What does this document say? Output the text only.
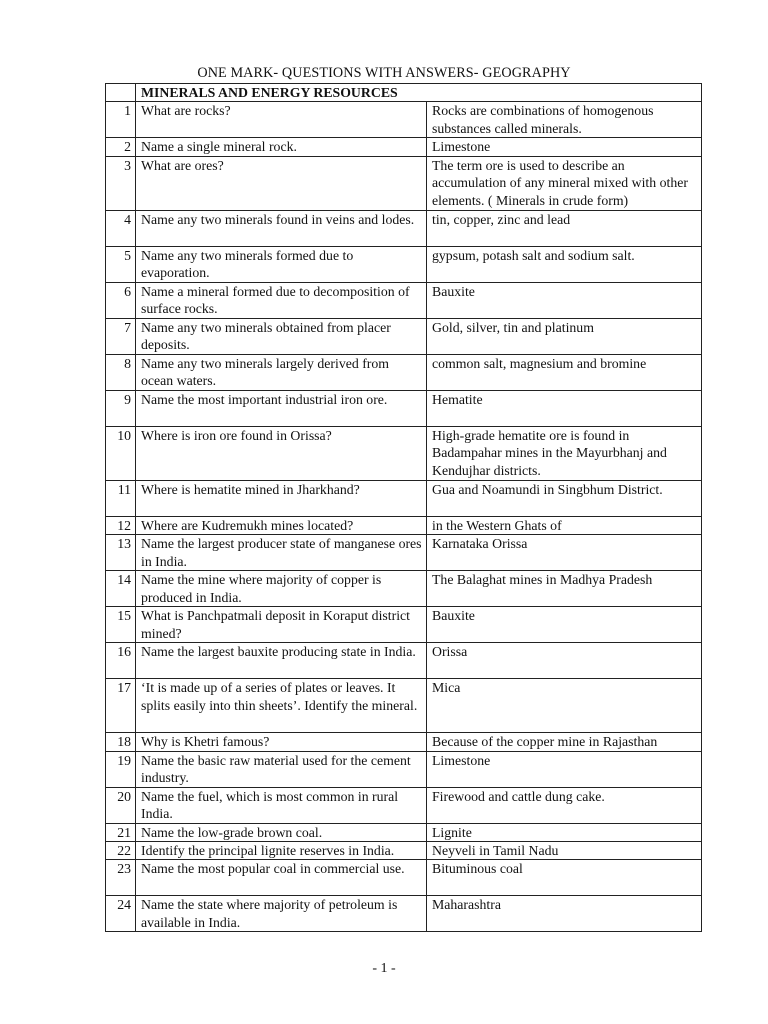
ONE MARK- QUESTIONS WITH ANSWERS- GEOGRAPHY
	MINERALS AND ENERGY RESOURCES	
1	What are rocks?	Rocks are combinations of homogenous substances called minerals.
2	Name a single mineral rock.	Limestone
3	What are ores?	The term ore is used to describe an accumulation of any mineral mixed with other elements. ( Minerals in crude form)
4	Name any two minerals found in veins and lodes.	tin, copper, zinc and lead
5	Name any two minerals formed due to evaporation.	gypsum, potash salt and sodium salt.
6	Name a mineral formed due to decomposition of surface rocks.	Bauxite
7	Name any two minerals obtained from placer deposits.	Gold, silver, tin and platinum
8	Name any two minerals largely derived from ocean waters.	common salt, magnesium and bromine
9	Name the most important industrial iron ore.	Hematite
10	Where is iron ore found in Orissa?	High-grade hematite ore is found in Badampahar mines in the Mayurbhanj and Kendujhar districts.
11	Where is hematite mined in Jharkhand?	Gua and Noamundi in Singbhum District.
12	Where are Kudremukh mines located?	in the Western Ghats of
13	Name the largest producer state of manganese ores in India.	Karnataka Orissa
14	Name the mine where majority of copper is produced in India.	The Balaghat mines in Madhya Pradesh
15	What is Panchpatmali deposit in Koraput district mined?	Bauxite
16	Name the largest bauxite producing state in India.	Orissa
17	‘It is made up of a series of plates or leaves. It splits easily into thin sheets’. Identify the mineral.	Mica
18	Why is Khetri famous?	Because of the copper mine in Rajasthan
19	Name the basic raw material used for the cement industry.	Limestone
20	Name the fuel, which is most common in rural India.	Firewood and cattle dung cake.
21	Name the low-grade brown coal.	Lignite
22	Identify the principal lignite reserves in India.	Neyveli in Tamil Nadu
23	Name the most popular coal in commercial use.	Bituminous coal
24	Name the state where majority of petroleum is available in India.	Maharashtra
- 1 -
